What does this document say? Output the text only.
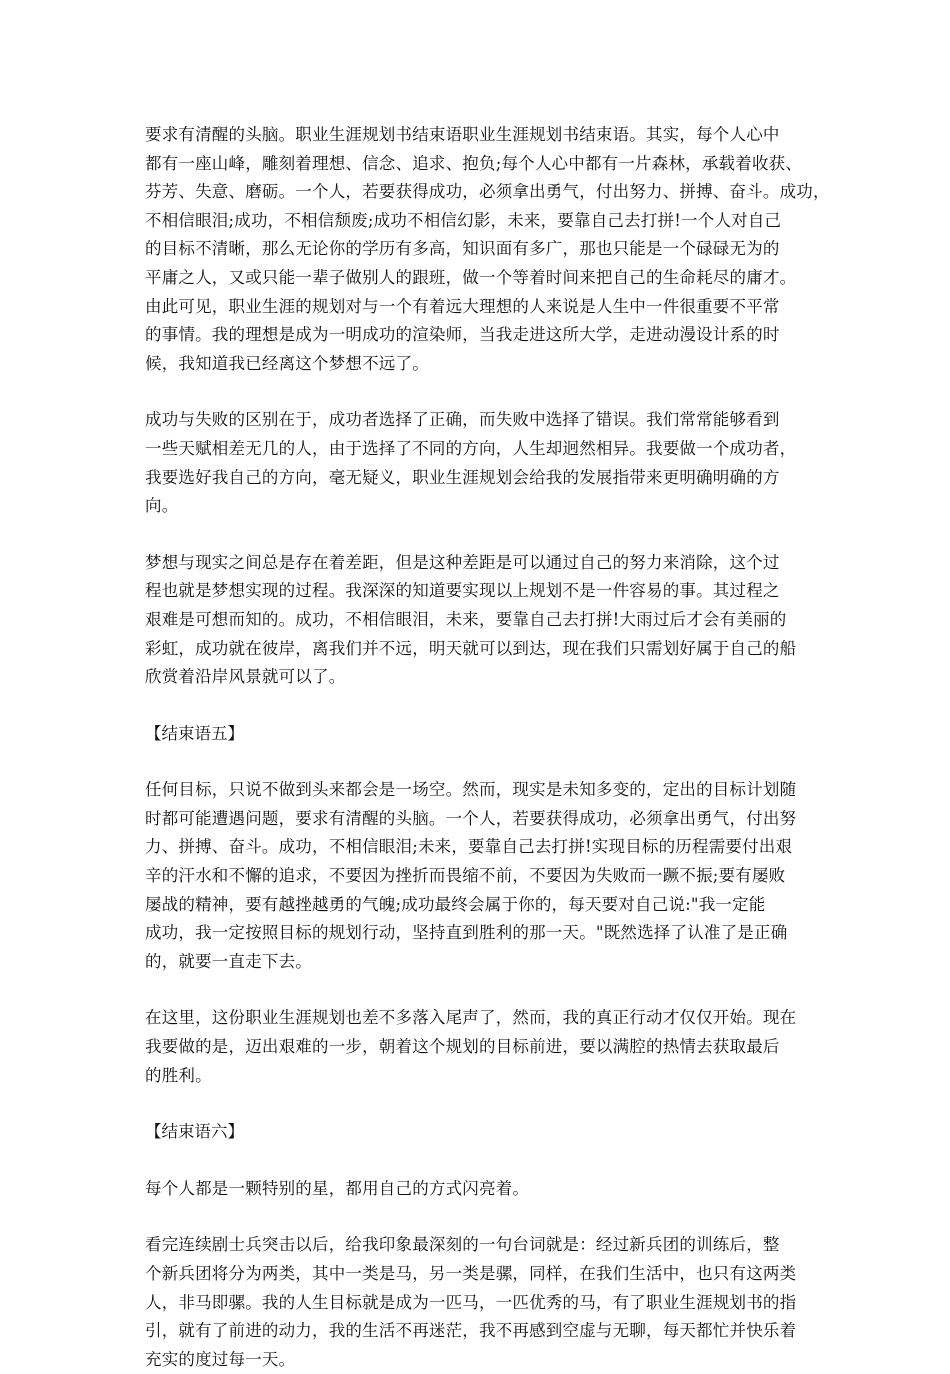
要求有清醒的头脑。职业生涯规划书结束语职业生涯规划书结束语。其实，每个人心中
都有一座山峰，雕刻着理想、信念、追求、抱负;每个人心中都有一片森林，承载着收获、
芬芳、失意、磨砺。一个人，若要获得成功，必须拿出勇气，付出努力、拼搏、奋斗。成功，
不相信眼泪;成功，不相信颓废;成功不相信幻影，未来，要靠自己去打拼!一个人对自己
的目标不清晰，那么无论你的学历有多高，知识面有多广，那也只能是一个碌碌无为的
平庸之人，又或只能一辈子做别人的跟班，做一个等着时间来把自己的生命耗尽的庸才。
由此可见，职业生涯的规划对与一个有着远大理想的人来说是人生中一件很重要不平常
的事情。我的理想是成为一明成功的渲染师，当我走进这所大学，走进动漫设计系的时
候，我知道我已经离这个梦想不远了。

成功与失败的区别在于，成功者选择了正确，而失败中选择了错误。我们常常能够看到
一些天赋相差无几的人，由于选择了不同的方向，人生却迥然相异。我要做一个成功者，
我要选好我自己的方向，毫无疑义，职业生涯规划会给我的发展指带来更明确明确的方
向。

梦想与现实之间总是存在着差距，但是这种差距是可以通过自己的努力来消除，这个过
程也就是梦想实现的过程。我深深的知道要实现以上规划不是一件容易的事。其过程之
艰难是可想而知的。成功，不相信眼泪，未来，要靠自己去打拼!大雨过后才会有美丽的
彩虹，成功就在彼岸，离我们并不远，明天就可以到达，现在我们只需划好属于自己的船
欣赏着沿岸风景就可以了。

【结束语五】

任何目标，只说不做到头来都会是一场空。然而，现实是未知多变的，定出的目标计划随
时都可能遭遇问题，要求有清醒的头脑。一个人，若要获得成功，必须拿出勇气，付出努
力、拼搏、奋斗。成功，不相信眼泪;未来，要靠自己去打拼!实现目标的历程需要付出艰
辛的汗水和不懈的追求，不要因为挫折而畏缩不前，不要因为失败而一蹶不振;要有屡败
屡战的精神，要有越挫越勇的气魄;成功最终会属于你的，每天要对自己说:"我一定能
成功，我一定按照目标的规划行动，坚持直到胜利的那一天。"既然选择了认准了是正确
的，就要一直走下去。

在这里，这份职业生涯规划也差不多落入尾声了，然而，我的真正行动才仅仅开始。现在
我要做的是，迈出艰难的一步，朝着这个规划的目标前进，要以满腔的热情去获取最后
的胜利。

【结束语六】

每个人都是一颗特别的星，都用自己的方式闪亮着。

看完连续剧士兵突击以后，给我印象最深刻的一句台词就是：经过新兵团的训练后，整
个新兵团将分为两类，其中一类是马，另一类是骡，同样，在我们生活中，也只有这两类
人，非马即骡。我的人生目标就是成为一匹马，一匹优秀的马，有了职业生涯规划书的指
引，就有了前进的动力，我的生活不再迷茫，我不再感到空虚与无聊，每天都忙并快乐着
充实的度过每一天。
